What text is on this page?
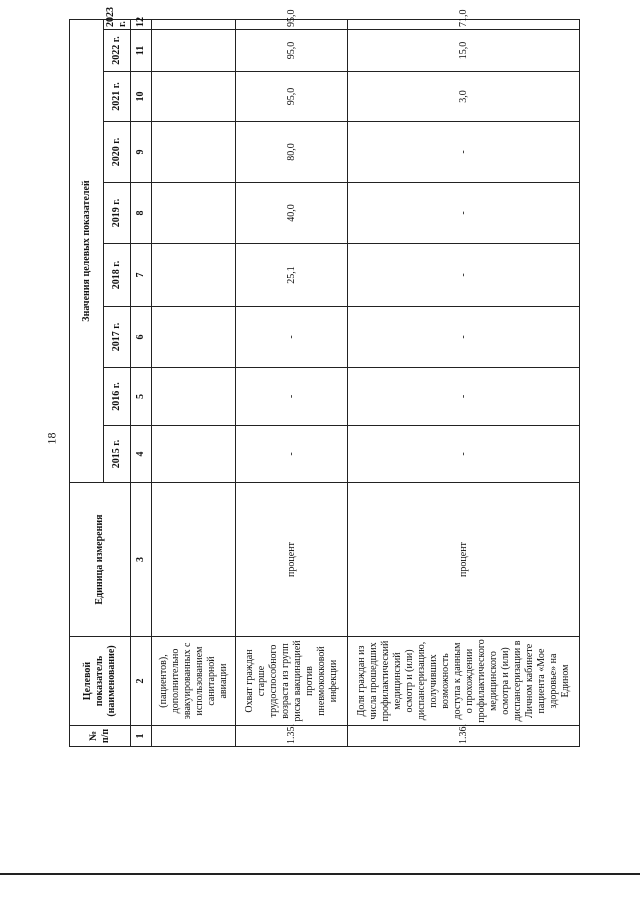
18
№ п/п	Целевой показатель (наименование)	Единица измерения	Значения целевых показателей								
			2015 г.	2016 г.	2017 г.	2018 г.	2019 г.	2020 г.	2021 г.	2022 г.	2023 г.
1	2	3	4	5	6	7	8	9	10	11	12
	(пациентов), дополнительно эвакуированных с использованием санитарной авиации										
1.35.	Охват граждан старше трудоспособного возраста из групп риска вакцинацией против пневмококковой инфекции	процент	-	-	-	25,1	40,0	80,0	95,0	95,0	95,0
1.36.	Доля граждан из числа прошедших профилактический медицинский осмотр и (или) диспансеризацию, получивших возможность доступа к данным о прохождении профилактического медицинского осмотра и (или) диспансеризации в Личном кабинете пациента «Мое здоровье» на Едином	процент	-	-	-	-	-	-	3,0	15,0	71,0
